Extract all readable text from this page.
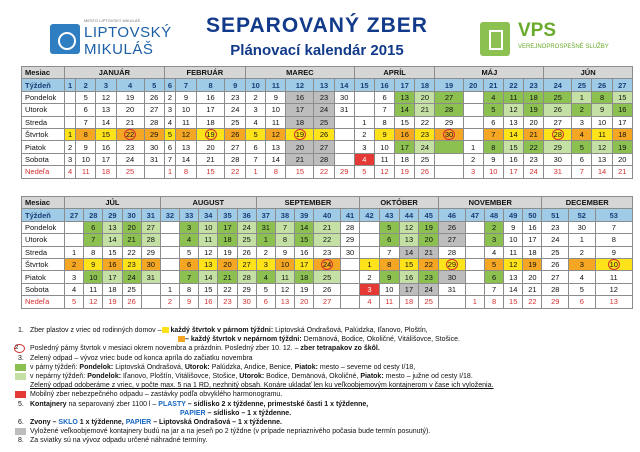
MESTO LIPTOVSKÝ MIKULÁŠ
LIPTOVSKÝ
MIKULÁŠ
SEPAROVANÝ ZBER
Plánovací kalendár 2015
VPS
VEREJNOPROSPEŠNÉ SLUŽBY
Mesiac	JANUÁR					FEBRUÁR				MAREC					APRÍL				MÁJ					JÚN			
Týždeň	1	2	3	4	5	6	7	8	9	10	11	12	13	14	15	16	17	18	19	20	21	22	23	24	25	26	27
Pondelok		5	12	19	26	2	9	16	23	2	9	16	23	30		6	13	20	27		4	11	18	25	1	8	15
Utorok		6	13	20	27	3	10	17	24	3	10	17	24	31		7	14	21	28		5	12	19	26	2	9	16
Streda		7	14	21	28	4	11	18	25	4	11	18	25		1	8	15	22	29		6	13	20	27	3	10	17
Štvrtok	1	8	15	22	29	5	12	19	26	5	12	19	26		2	9	16	23	30		7	14	21	28	4	11	18
Piatok	2	9	16	23	30	6	13	20	27	6	13	20	27		3	10	17	24		1	8	15	22	29	5	12	19
Sobota	3	10	17	24	31	7	14	21	28	7	14	21	28		4	11	18	25		2	9	16	23	30	6	13	20
Nedeľa	4	11	18	25		1	8	15	22	1	8	15	22	29	5	12	19	26		3	10	17	24	31	7	14	21
Mesiac	JÚL					AUGUST					SEPTEMBER					OKTÓBER				NOVEMBER					DECEMBER		
Týždeň	27	28	29	30	31	32	33	34	35	36	37	38	39	40	41	42	43	44	45	46	47	48	49	50	51	52	53
Pondelok		6	13	20	27		3	10	17	24	31	7	14	21	28		5	12	19	26		2	9	16	23	30	7
Utorok		7	14	21	28		4	11	18	25	1	8	15	22	29		6	13	20	27		3	10	17	24	1	8
Streda	1	8	15	22	29		5	12	19	26	2	9	16	23	30		7	14	21	28		4	11	18	25	2	9
Štvrtok	2	9	16	23	30		6	13	20	27	3	10	17	24		1	8	15	22	29		5	12	19	26	3	10
Piatok	3	10	17	24	31		7	14	21	28	4	11	18	25		2	9	16	23	30		6	13	20	27	4	11
Sobota	4	11	18	25		1	8	15	22	29	5	12	19	26		3	10	17	24	31		7	14	21	28	5	12
Nedeľa	5	12	19	26		2	9	16	23	30	6	13	20	27		4	11	18	25		1	8	15	22	29	6	13
1. Zber plastov z vriec od rodinných domov – každý štvrtok v párnom týždni: Liptovská Ondrašová, Palúdzka, Iľanovo, Ploštín,
– každý štvrtok v nepárnom týždni: Demänová, Bodice, Okoličné, Vitálišovce, Stošice.
2	Posledný párny štvrtok v mesiaci okrem novembra a prázdnin. Posledný zber 10. 12. – zber tetrapakov zo škôl.
3. Zelený odpad – vývoz vriec bude od konca apríla do začiatku novembra
v párny týždeň: Pondelok: Liptovská Ondrašová, Utorok: Palúdzka, Andice, Benice, Piatok: mesto – severne od cesty I/18,
v nepárny týždeň: Pondelok: Iľanovo, Ploštín, Vitálišovce, Stošice, Utorok: Bodice, Demänová, Okoličné, Piatok: mesto – južne od cesty I/18.
Zelený odpad odoberáme z vriec, v počte max. 5 na 1 RD, nezhnitý obsah. Konáre ukladať len ku veľkoobjemovým kontajnerom v čase ich vyloženia.
Mobilný zber nebezpečného odpadu – zastávky podľa obvyklého harmonogramu.
5. Kontajnery na separovaný zber 1100 l – PLASTY – sídlisko 2 x týždenne, primestské časti 1 x týždenne,
PAPIER – sídlisko – 1 x týždenne.
6. Zvony – SKLO 1 x týždenne, PAPIER – Liptovská Ondrašová – 1 x týždenne.
Vyložené veľkoobjemové kontajnery budú na jar a na jeseň po 2 týždne (v prípade nepriaznivého počasia bude termín posunutý).
8. Za sviatky sú na vývoz odpadu určené náhradné termíny.
